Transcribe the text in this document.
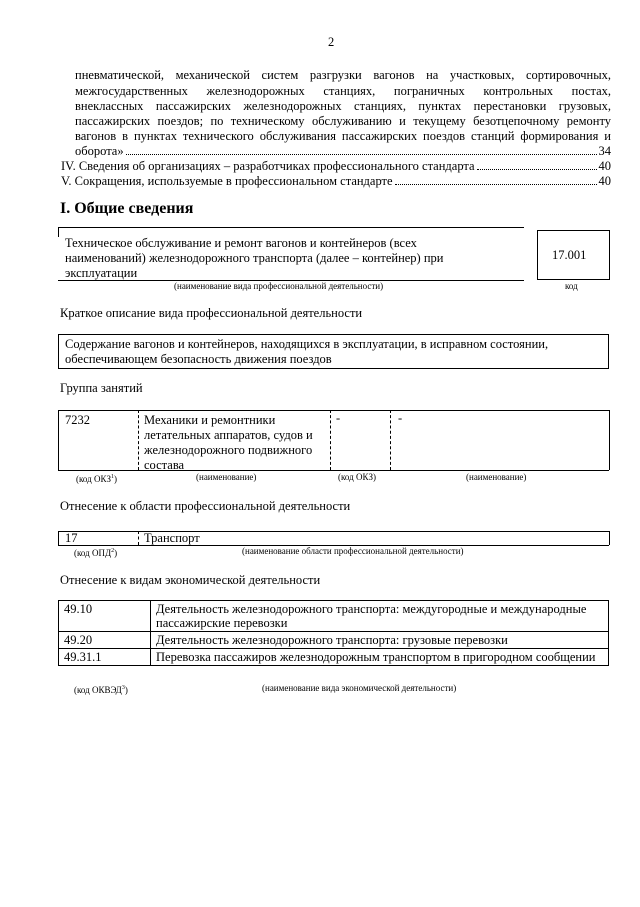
2
пневматической, механической систем разгрузки вагонов на участковых, сортировочных,
межгосударственных железнодорожных станциях, пограничных контрольных постах,
внеклассных пассажирских железнодорожных станциях, пунктах перестановки грузовых,
пассажирских поездов; по техническому обслуживанию и текущему безотцепочному ремонту
вагонов в пунктах технического обслуживания пассажирских поездов станций формирования и
оборота»	34
IV. Сведения об организациях – разработчиках профессионального стандарта	40
V. Сокращения, используемые в профессиональном стандарте	40
I. Общие сведения
Техническое обслуживание и ремонт вагонов и контейнеров (всех
наименований) железнодорожного транспорта (далее – контейнер) при
эксплуатации
17.001
(наименование вида профессиональной деятельности)	код
Краткое описание вида профессиональной деятельности
Содержание вагонов и контейнеров, находящихся в эксплуатации, в исправном состоянии,
обеспечивающем безопасность движения поездов
Группа занятий
7232	Механики и ремонтники
летательных аппаратов, судов и
железнодорожного подвижного
состава
-	-
(код ОКЗ$^1$)	(наименование)	(код ОКЗ)	(наименование)
Отнесение к области профессиональной деятельности
17	Транспорт
(код ОПД$^2$)	(наименование области профессиональной деятельности)
Отнесение к видам экономической деятельности
49.10	Деятельность железнодорожного транспорта: междугородные и международные пассажирские перевозки
49.20	Деятельность железнодорожного транспорта: грузовые перевозки
49.31.1	Перевозка пассажиров железнодорожным транспортом в пригородном сообщении
(код ОКВЭД$^3$)	(наименование вида экономической деятельности)
